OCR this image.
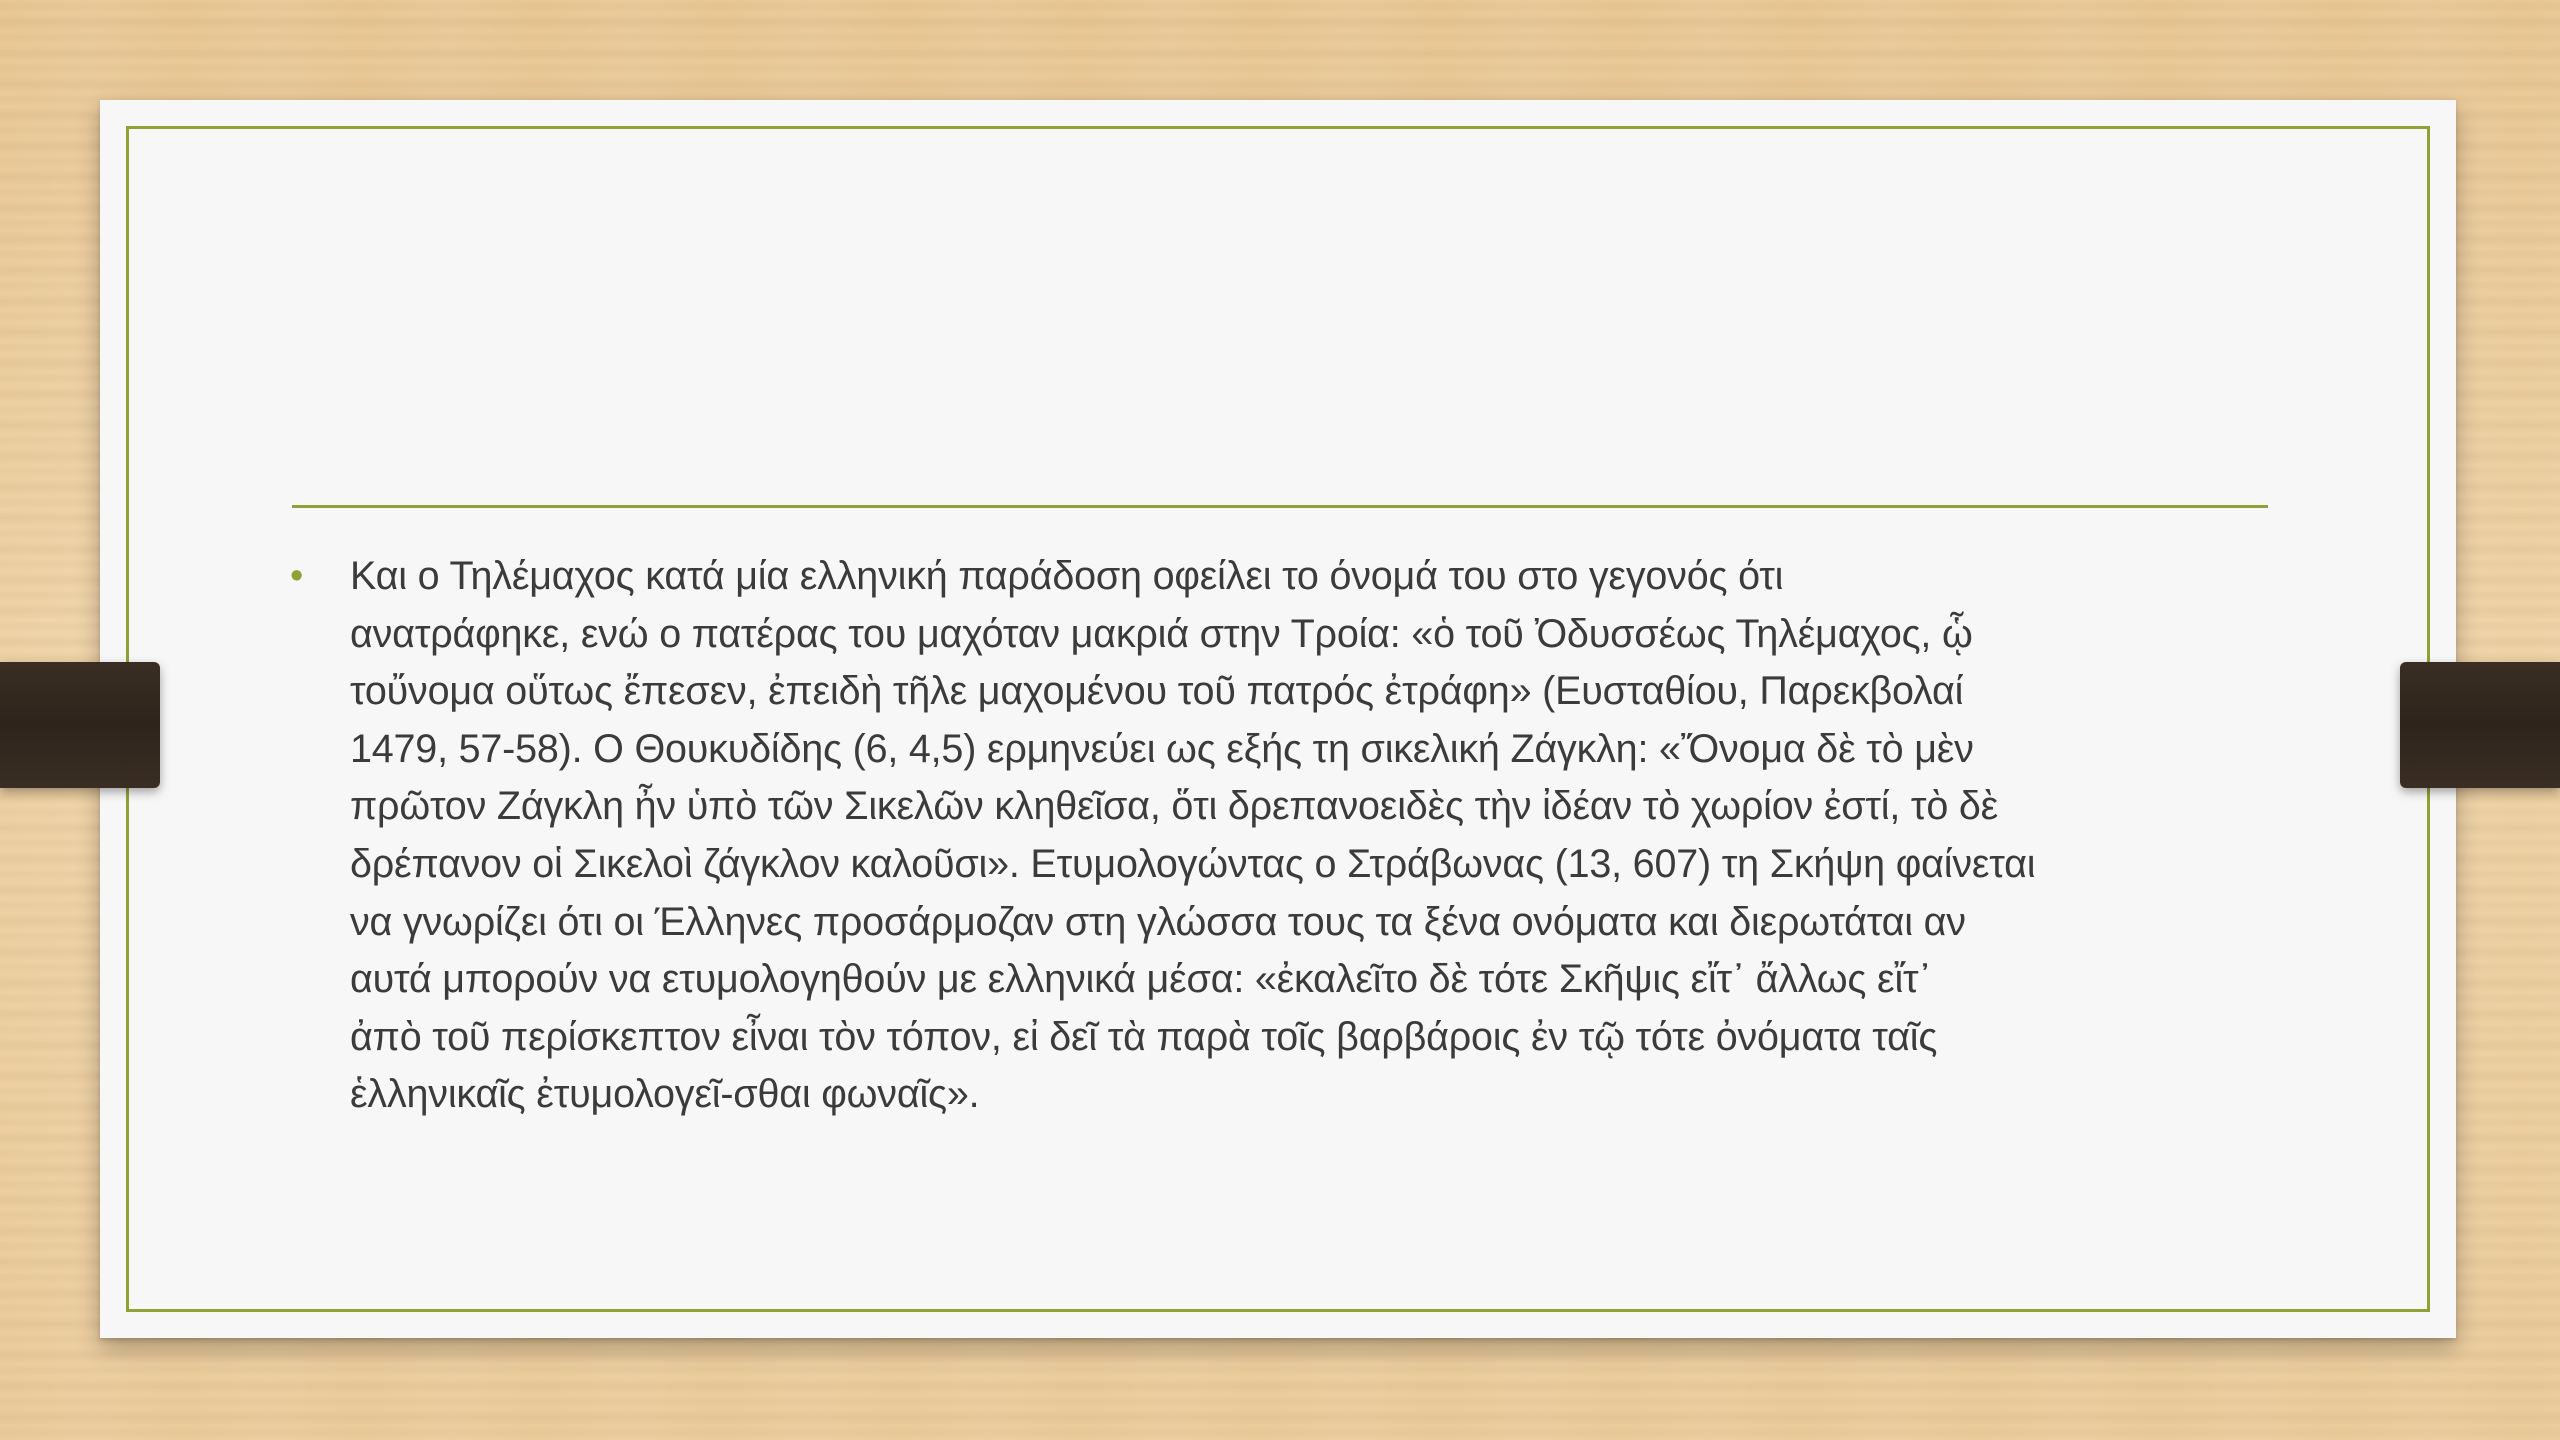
•	Και ο Τηλέμαχος κατά μία ελληνική παράδοση οφείλει το όνομά του στο γεγονός ότι
ανατράφηκε, ενώ ο πατέρας του μαχόταν μακριά στην Τροία: «ὁ τοῦ Ὀδυσσέως Τηλέμαχος, ᾧ
τοὔνομα οὕτως ἔπεσεν, ἐπειδὴ τῆλε μαχομένου τοῦ πατρός ἐτράφη» (Ευσταθίου, Παρεκβολαί
1479, 57-58). Ο Θουκυδίδης (6, 4,5) ερμηνεύει ως εξής τη σικελική Ζάγκλη: «Ὄνομα δὲ τὸ μὲν
πρῶτον Ζάγκλη ἦν ὑπὸ τῶν Σικελῶν κληθεῖσα, ὅτι δρεπανοειδὲς τὴν ἰδέαν τὸ χωρίον ἐστί, τὸ δὲ
δρέπανον οἱ Σικελοὶ ζάγκλον καλοῦσι». Ετυμολογώντας ο Στράβωνας (13, 607) τη Σκήψη φαίνεται
να γνωρίζει ότι οι Έλληνες προσάρμοζαν στη γλώσσα τους τα ξένα ονόματα και διερωτάται αν
αυτά μπορούν να ετυμολογηθούν με ελληνικά μέσα: «ἐκαλεῖτο δὲ τότε Σκῆψις εἴτ᾽ ἄλλως εἴτ᾽
ἀπὸ τοῦ περίσκεπτον εἶναι τὸν τόπον, εἰ δεῖ τὰ παρὰ τοῖς βαρβάροις ἐν τῷ τότε ὀνόματα ταῖς
ἑλληνικαῖς ἐτυμολογεῖ-σθαι φωναῖς».
